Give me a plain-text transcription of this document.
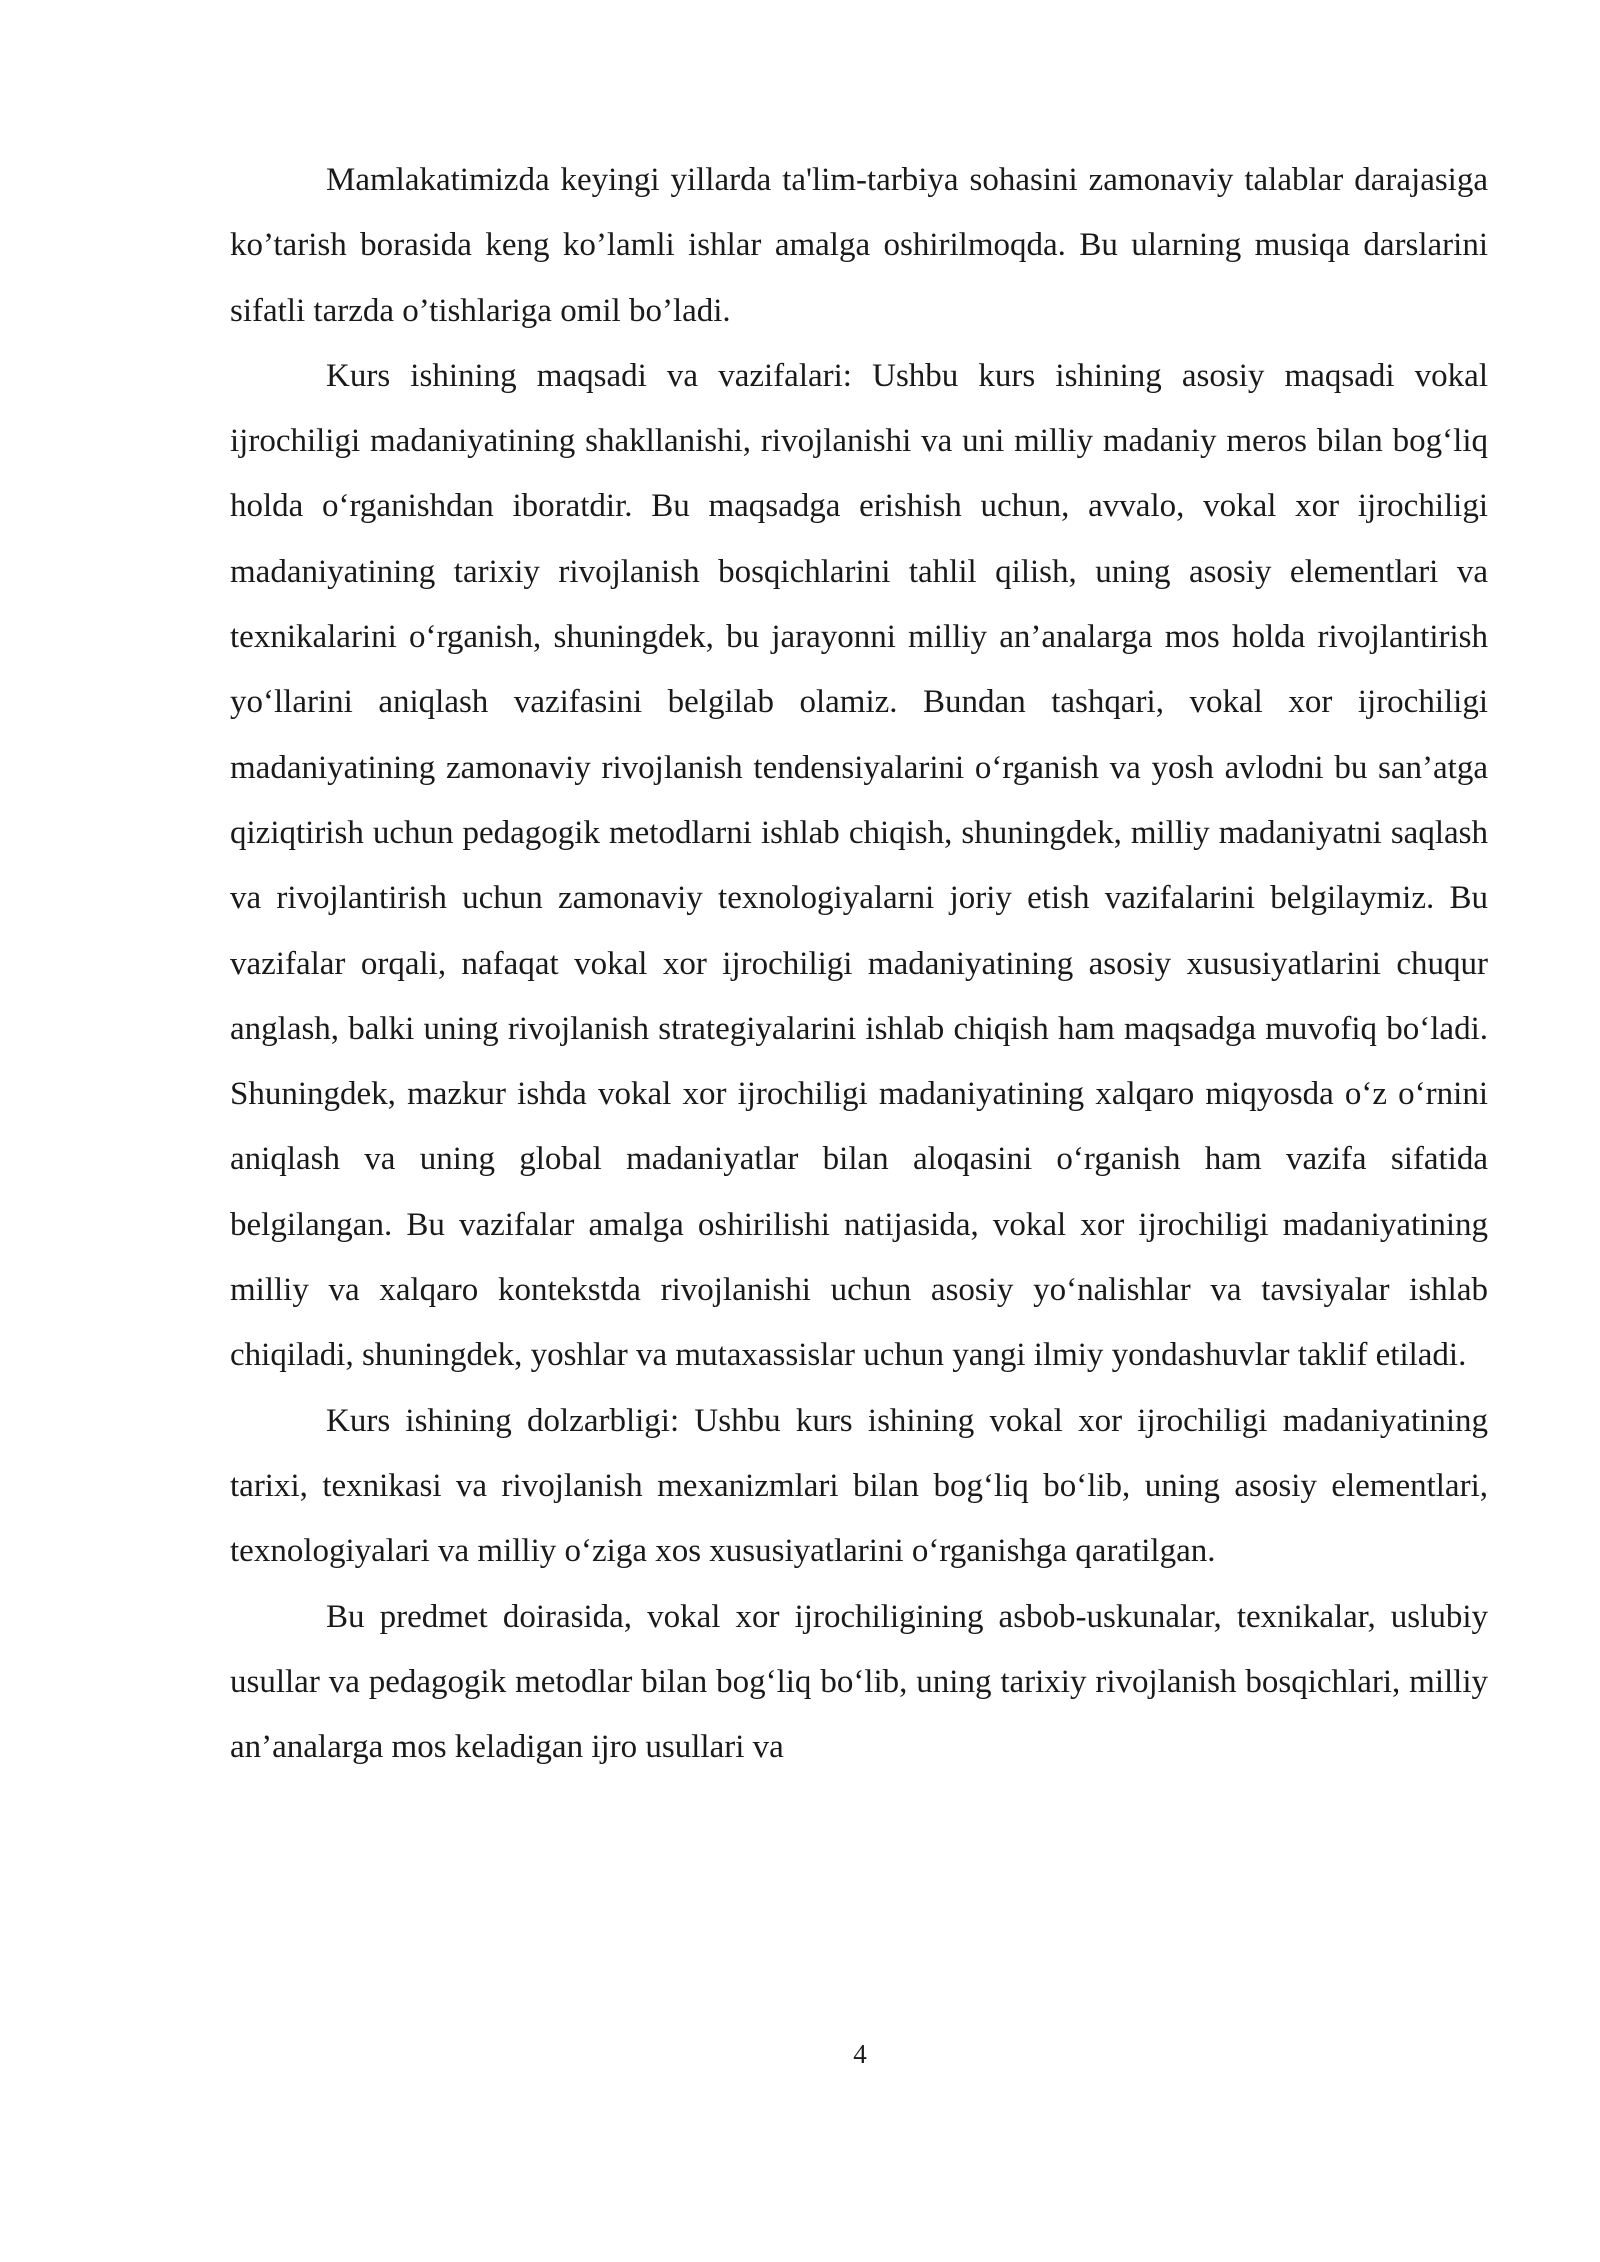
Mamlakatimizda keyingi yillarda ta'lim-tarbiya sohasini zamonaviy talablar darajasiga ko’tarish borasida keng ko’lamli ishlar amalga oshirilmoqda. Bu ularning musiqa darslarini sifatli tarzda o’tishlariga omil bo’ladi.

Kurs ishining maqsadi va vazifalari: Ushbu kurs ishining asosiy maqsadi vokal ijrochiligi madaniyatining shakllanishi, rivojlanishi va uni milliy madaniy meros bilan bog‘liq holda o‘rganishdan iboratdir. Bu maqsadga erishish uchun, avvalo, vokal xor ijrochiligi madaniyatining tarixiy rivojlanish bosqichlarini tahlil qilish, uning asosiy elementlari va texnikalarini o‘rganish, shuningdek, bu jarayonni milliy an’analarga mos holda rivojlantirish yo‘llarini aniqlash vazifasini belgilab olamiz. Bundan tashqari, vokal xor ijrochiligi madaniyatining zamonaviy rivojlanish tendensiyalarini o‘rganish va yosh avlodni bu san’atga qiziqtirish uchun pedagogik metodlarni ishlab chiqish, shuningdek, milliy madaniyatni saqlash va rivojlantirish uchun zamonaviy texnologiyalarni joriy etish vazifalarini belgilaymiz. Bu vazifalar orqali, nafaqat vokal xor ijrochiligi madaniyatining asosiy xususiyatlarini chuqur anglash, balki uning rivojlanish strategiyalarini ishlab chiqish ham maqsadga muvofiq bo‘ladi. Shuningdek, mazkur ishda vokal xor ijrochiligi madaniyatining xalqaro miqyosda o‘z o‘rnini aniqlash va uning global madaniyatlar bilan aloqasini o‘rganish ham vazifa sifatida belgilangan. Bu vazifalar amalga oshirilishi natijasida, vokal xor ijrochiligi madaniyatining milliy va xalqaro kontekstda rivojlanishi uchun asosiy yo‘nalishlar va tavsiyalar ishlab chiqiladi, shuningdek, yoshlar va mutaxassislar uchun yangi ilmiy yondashuvlar taklif etiladi.

Kurs ishining dolzarbligi: Ushbu kurs ishining vokal xor ijrochiligi madaniyatining tarixi, texnikasi va rivojlanish mexanizmlari bilan bog‘liq bo‘lib, uning asosiy elementlari, texnologiyalari va milliy o‘ziga xos xususiyatlarini o‘rganishga qaratilgan.

Bu predmet doirasida, vokal xor ijrochiligining asbob-uskunalar, texnikalar, uslubiy usullar va pedagogik metodlar bilan bog‘liq bo‘lib, uning tarixiy rivojlanish bosqichlari, milliy an’analarga mos keladigan ijro usullari va

4
